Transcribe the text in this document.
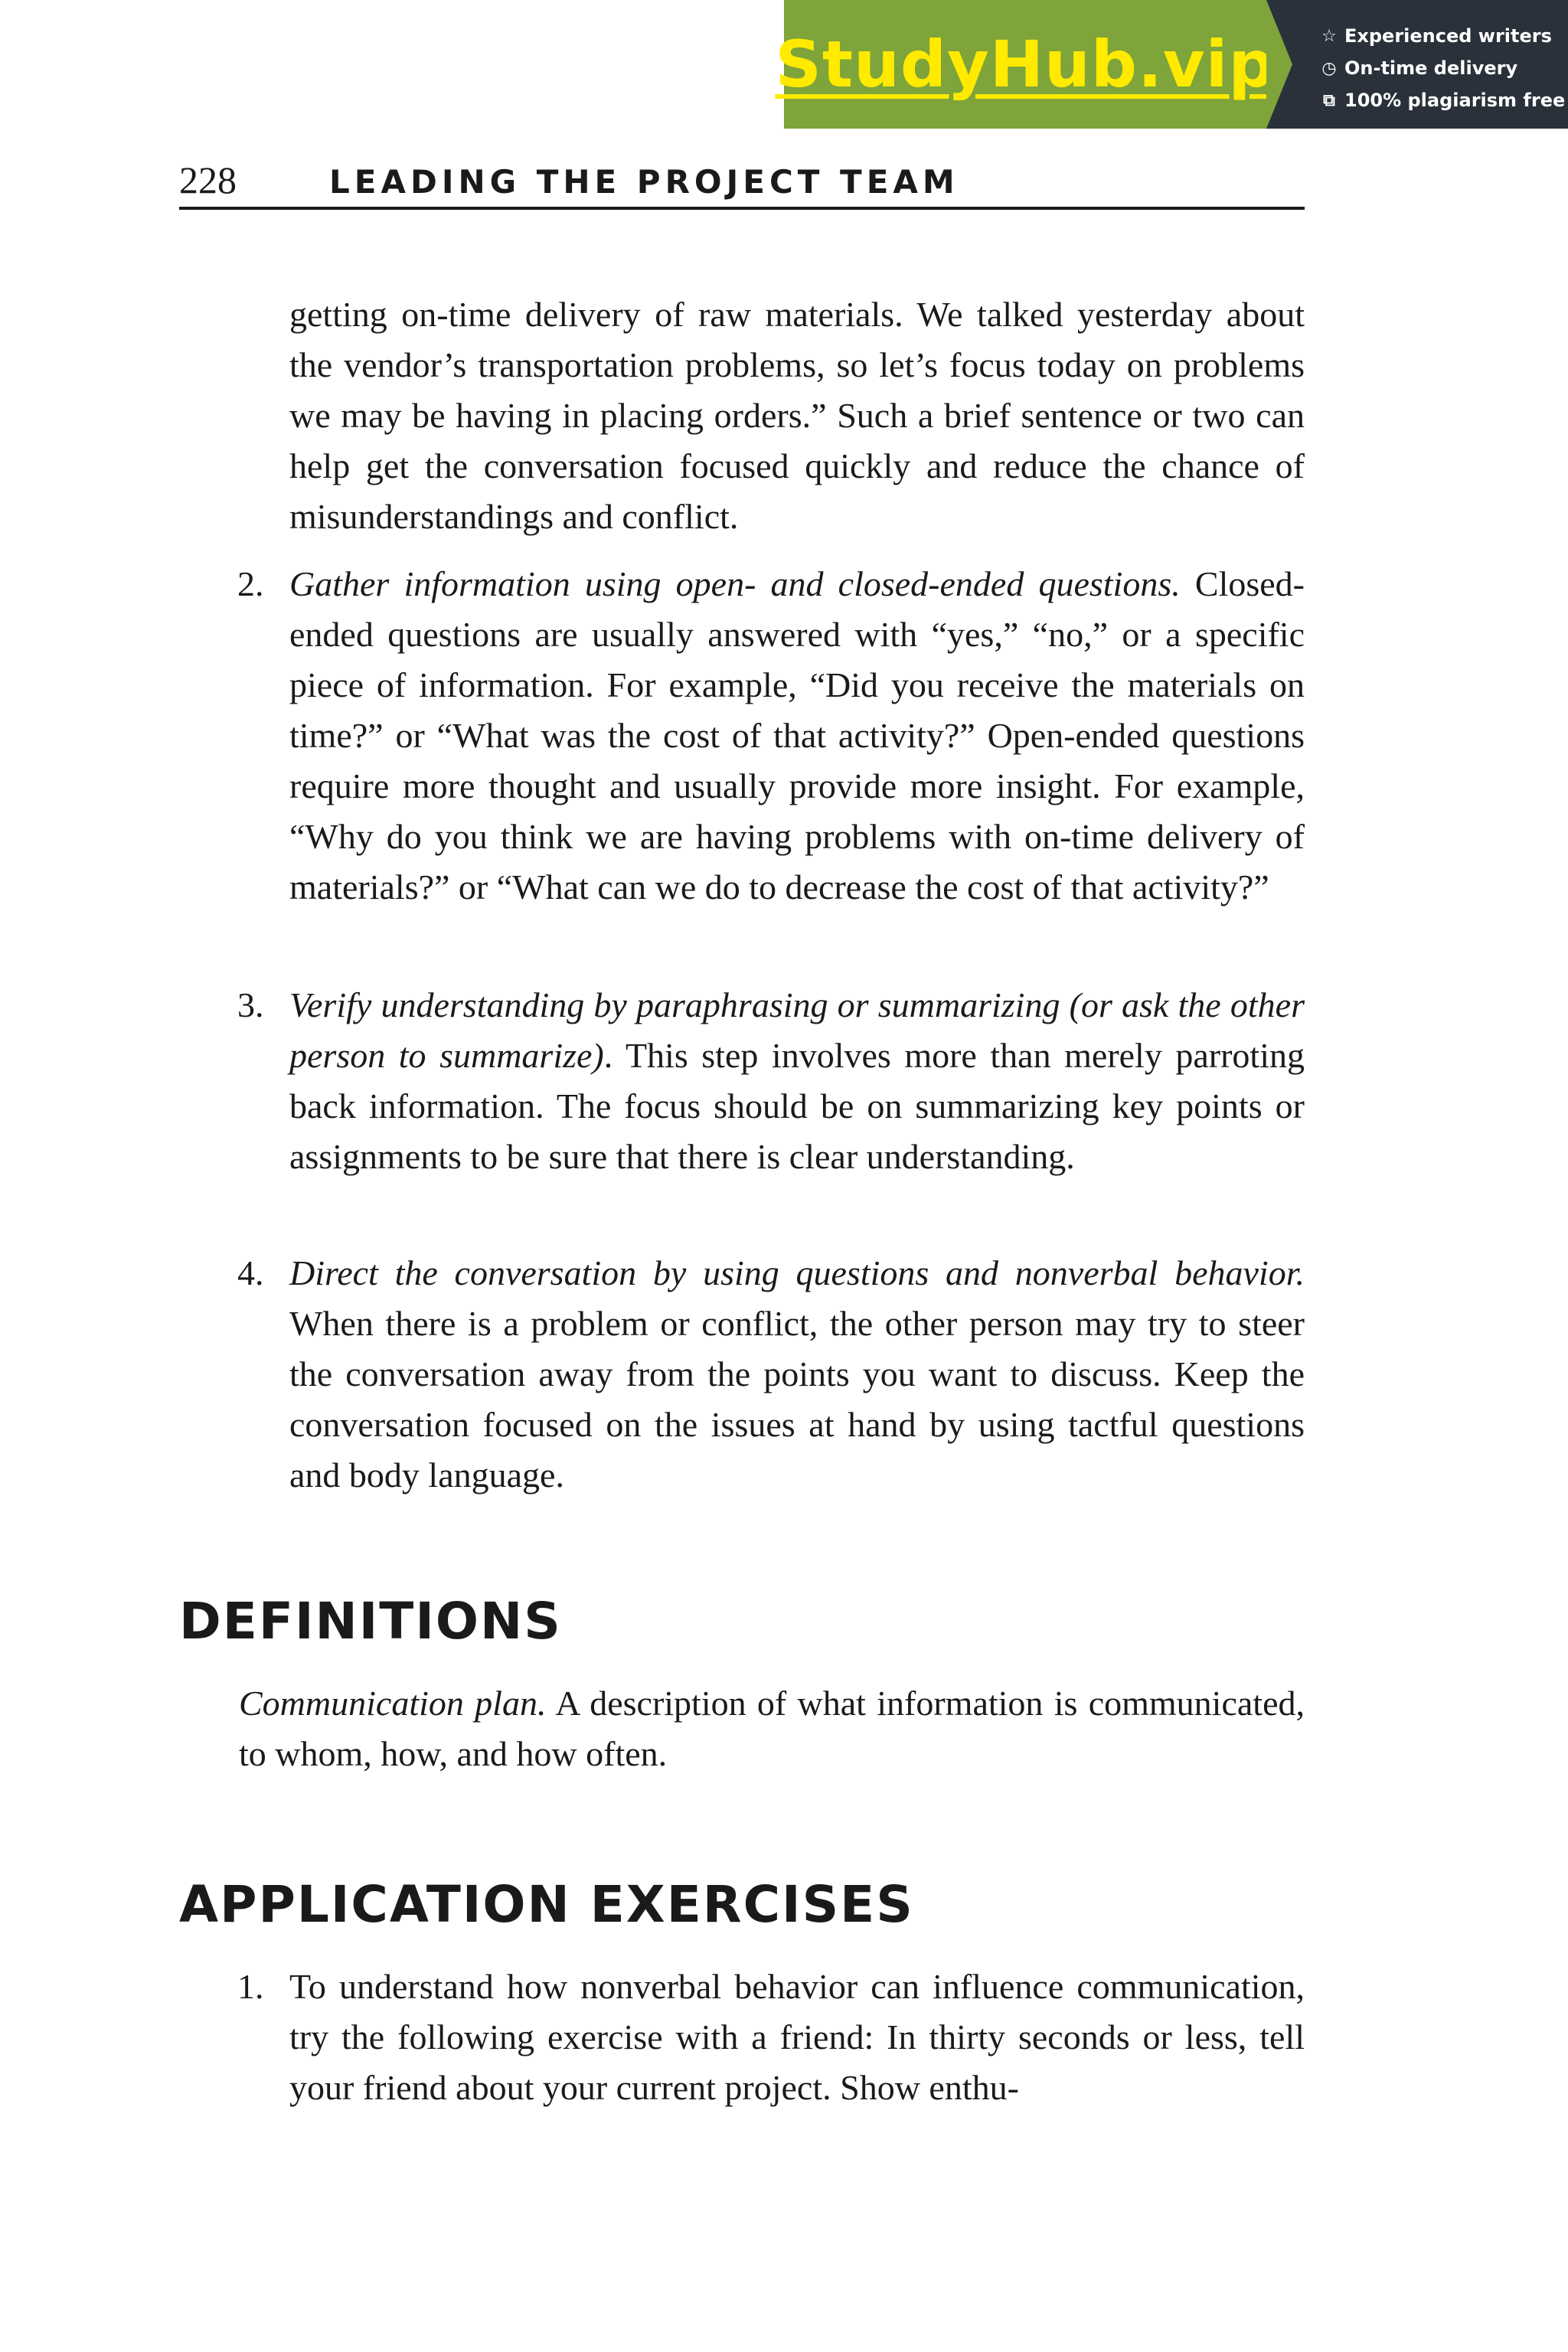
StudyHub.vip	☆ Experienced writers
◷ On-time delivery
⧉ 100% plagiarism free
228	LEADING THE PROJECT TEAM

getting on-time delivery of raw materials. We talked yesterday about the vendor’s transportation problems, so let’s focus today on problems we may be having in placing orders.” Such a brief sentence or two can help get the conversation focused quickly and reduce the chance of misunderstandings and conflict.

2. Gather information using open- and closed-ended questions. Closed-ended questions are usually answered with “yes,” “no,” or a specific piece of information. For example, “Did you receive the materials on time?” or “What was the cost of that activity?” Open-ended questions require more thought and usually provide more insight. For example, “Why do you think we are having problems with on-time delivery of materials?” or “What can we do to decrease the cost of that activity?”

3. Verify understanding by paraphrasing or summarizing (or ask the other person to summarize). This step involves more than merely parroting back information. The focus should be on summarizing key points or assignments to be sure that there is clear understanding.

4. Direct the conversation by using questions and nonverbal behavior. When there is a problem or conflict, the other person may try to steer the conversation away from the points you want to discuss. Keep the conversation focused on the issues at hand by using tactful questions and body language.

DEFINITIONS

Communication plan. A description of what information is communicated, to whom, how, and how often.

APPLICATION EXERCISES
1. To understand how nonverbal behavior can influence communication, try the following exercise with a friend: In thirty seconds or less, tell your friend about your current project. Show enthu-
